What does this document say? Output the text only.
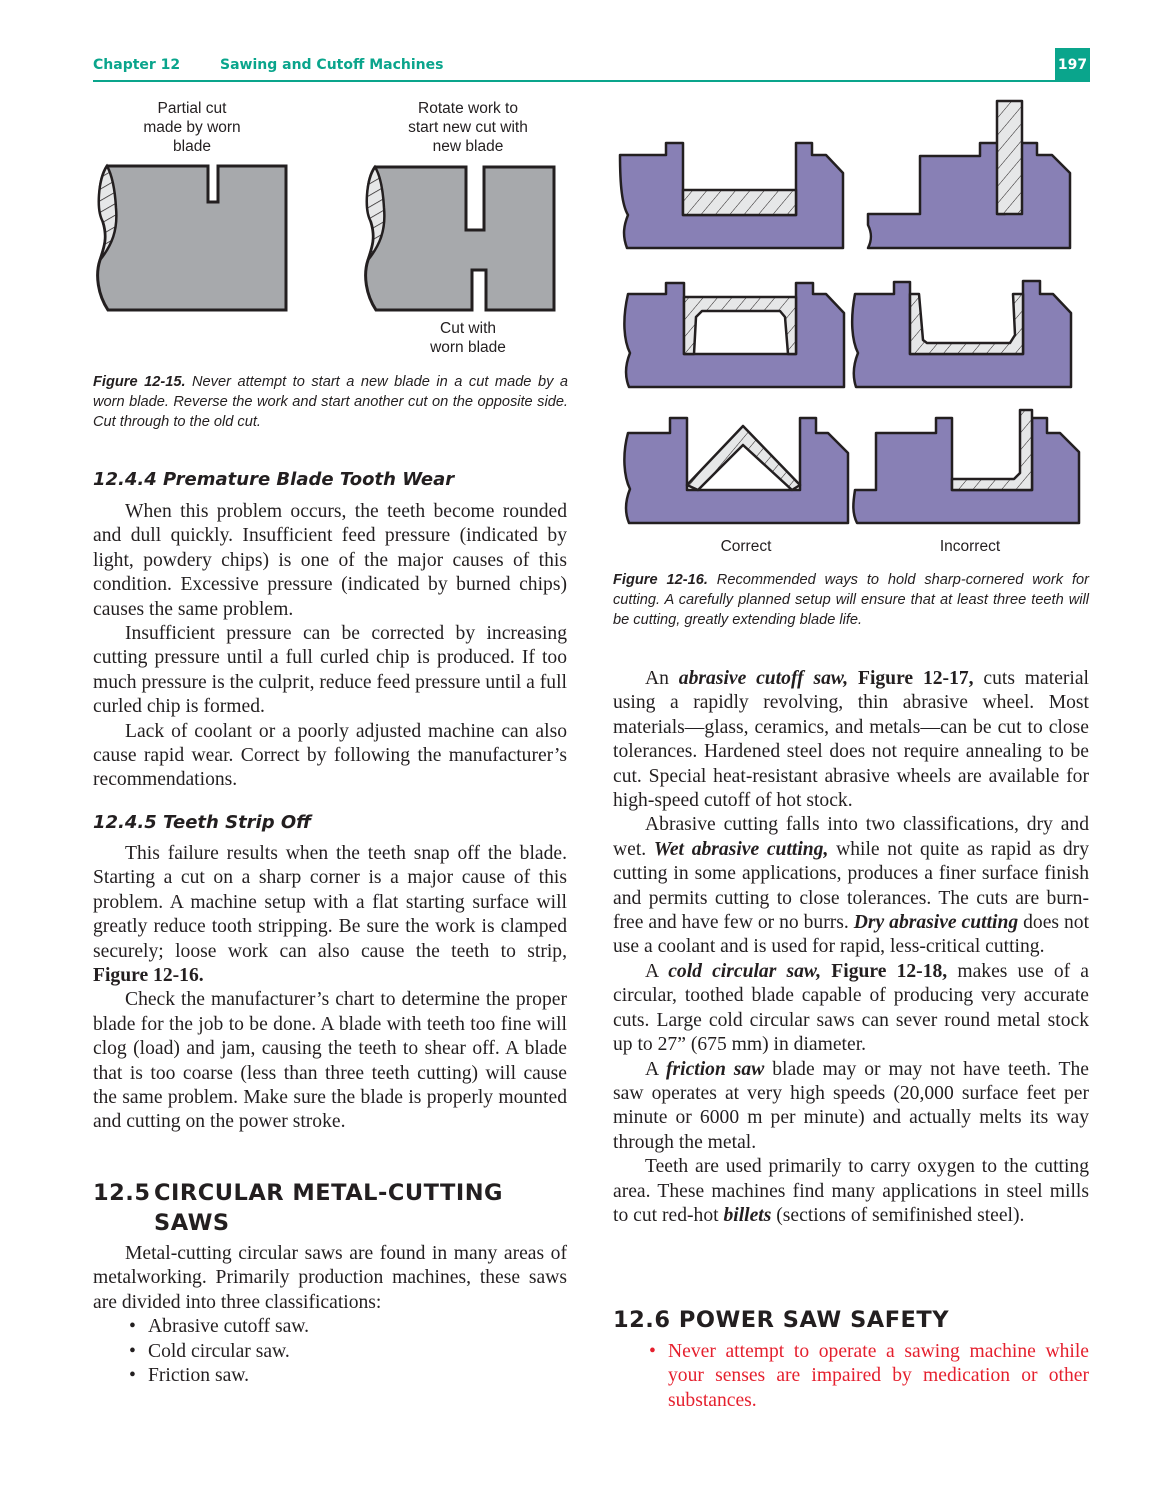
Chapter 12	Sawing and Cutoff Machines	197
Partial cut
made by worn
blade
Rotate work to
start new cut with
new blade
Cut with
worn blade
Figure 12-15. Never attempt to start a new blade in a cut made by a worn blade. Reverse the work and start another cut on the opposite side. Cut through to the old cut.
Correct	Incorrect
Figure 12-16. Recommended ways to hold sharp-cornered work for cutting. A carefully planned setup will ensure that at least three teeth will be cutting, greatly extending blade life.
12.4.4 Premature Blade Tooth Wear

When this problem occurs, the teeth become rounded and dull quickly. Insufficient feed pressure (indicated by light, powdery chips) is one of the major causes of this condition. Excessive pressure (indicated by burned chips) causes the same problem.

Insufficient pressure can be corrected by increasing cutting pressure until a full curled chip is produced. If too much pressure is the culprit, reduce feed pressure until a full curled chip is formed.

Lack of coolant or a poorly adjusted machine can also cause rapid wear. Correct by following the manufacturer’s recommendations.

12.4.5 Teeth Strip Off

This failure results when the teeth snap off the blade. Starting a cut on a sharp corner is a major cause of this problem. A machine setup with a flat starting surface will greatly reduce tooth stripping. Be sure the work is clamped securely; loose work can also cause the teeth to strip, Figure 12-16.

Check the manufacturer’s chart to determine the proper blade for the job to be done. A blade with teeth too fine will clog (load) and jam, causing the teeth to shear off. A blade that is too coarse (less than three teeth cutting) will cause the same problem. Make sure the blade is properly mounted and cutting on the power stroke.

12.5 CIRCULAR METAL-CUTTING
SAWS

Metal-cutting circular saws are found in many areas of metalworking. Primarily production machines, these saws are divided into three classifications:

• Abrasive cutoff saw.
• Cold circular saw.
• Friction saw.

An abrasive cutoff saw, Figure 12-17, cuts material using a rapidly revolving, thin abrasive wheel. Most materials—glass, ceramics, and metals—can be cut to close tolerances. Hardened steel does not require annealing to be cut. Special heat-resistant abrasive wheels are available for high-speed cutoff of hot stock.

Abrasive cutting falls into two classifications, dry and wet. Wet abrasive cutting, while not quite as rapid as dry cutting in some applications, produces a finer surface finish and permits cutting to close tolerances. The cuts are burn-free and have few or no burrs. Dry abrasive cutting does not use a coolant and is used for rapid, less-critical cutting.

A cold circular saw, Figure 12-18, makes use of a circular, toothed blade capable of producing very accurate cuts. Large cold circular saws can sever round metal stock up to 27” (675 mm) in diameter.

A friction saw blade may or may not have teeth. The saw operates at very high speeds (20,000 surface feet per minute or 6000 m per minute) and actually melts its way through the metal.

Teeth are used primarily to carry oxygen to the cutting area. These machines find many applications in steel mills to cut red-hot billets (sections of semifinished steel).

12.6 POWER SAW SAFETY
• Never attempt to operate a sawing machine while your senses are impaired by medication or other substances.
